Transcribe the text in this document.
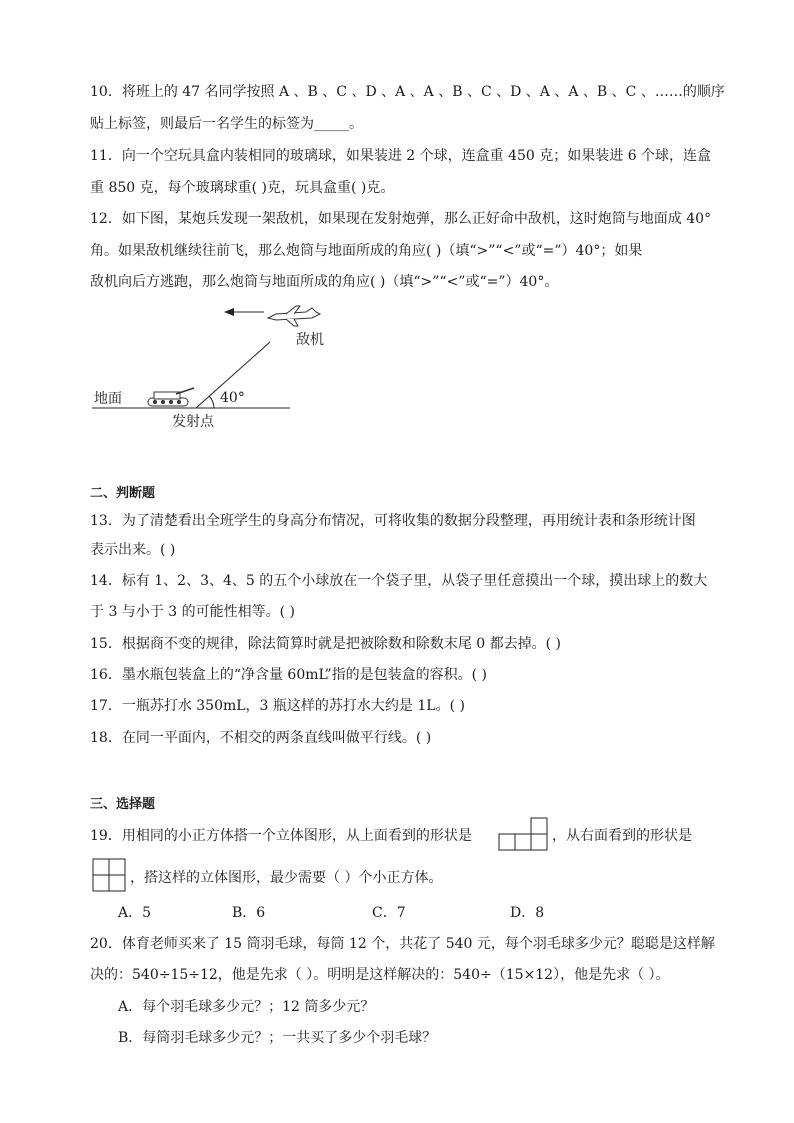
10．将班上的 47 名同学按照 A 、B 、C 、D 、A 、A 、B 、C 、D 、A 、A 、B 、C 、……的顺序
贴上标签，则最后一名学生的标签为_____。
11．向一个空玩具盒内装相同的玻璃球，如果装进 2 个球，连盒重 450 克；如果装进 6 个球，连盒
重 850 克，每个玻璃球重( )克，玩具盒重( )克。
12．如下图，某炮兵发现一架敌机，如果现在发射炮弹，那么正好命中敌机，这时炮筒与地面成 40°
角。如果敌机继续往前飞，那么炮筒与地面所成的角应( )（填“>”“<”或“=”）40°；如果
敌机向后方逃跑，那么炮筒与地面所成的角应( )（填“>”“<”或“=”）40°。
敌机
地面	40°
发射点
二、判断题
13．为了清楚看出全班学生的身高分布情况，可将收集的数据分段整理，再用统计表和条形统计图
表示出来。( )
14．标有 1、2、3、4、5 的五个小球放在一个袋子里，从袋子里任意摸出一个球，摸出球上的数大
于 3 与小于 3 的可能性相等。( )
15．根据商不变的规律，除法简算时就是把被除数和除数末尾 0 都去掉。( )
16．墨水瓶包装盒上的“净含量 60mL”指的是包装盒的容积。( )
17．一瓶苏打水 350mL，3 瓶这样的苏打水大约是 1L。( )
18．在同一平面内，不相交的两条直线叫做平行线。( )
三、选择题
19．用相同的小正方体搭一个立体图形，从上面看到的形状是	，从右面看到的形状是
，搭这样的立体图形，最少需要（ ）个小正方体。
A．5	B．6	C．7	D．8
20．体育老师买来了 15 筒羽毛球，每筒 12 个，共花了 540 元，每个羽毛球多少元？聪聪是这样解
决的：540÷15÷12，他是先求（ ）。明明是这样解决的：540÷（15×12），他是先求（ ）。
A．每个羽毛球多少元？；12 筒多少元？
B．每筒羽毛球多少元？；一共买了多少个羽毛球？
